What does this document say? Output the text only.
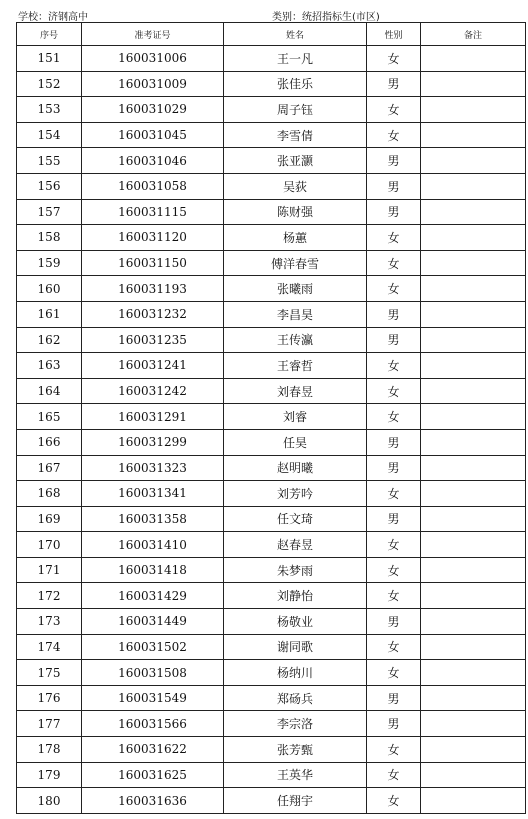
学校：济钢高中	类别：统招指标生(市区)
序号	准考证号	姓名	性别	备注
151	160031006	王一凡	女	
152	160031009	张佳乐	男	
153	160031029	周子钰	女	
154	160031045	李雪倩	女	
155	160031046	张亚灏	男	
156	160031058	吴荻	男	
157	160031115	陈财强	男	
158	160031120	杨蕙	女	
159	160031150	傅洋春雪	女	
160	160031193	张曦雨	女	
161	160031232	李昌昊	男	
162	160031235	王传瀛	男	
163	160031241	王睿哲	女	
164	160031242	刘春昱	女	
165	160031291	刘睿	女	
166	160031299	任昊	男	
167	160031323	赵明曦	男	
168	160031341	刘芳吟	女	
169	160031358	任文琦	男	
170	160031410	赵春昱	女	
171	160031418	朱梦雨	女	
172	160031429	刘静怡	女	
173	160031449	杨敬业	男	
174	160031502	谢同歌	女	
175	160031508	杨纳川	女	
176	160031549	郑砀兵	男	
177	160031566	李宗洛	男	
178	160031622	张芳甄	女	
179	160031625	王英华	女	
180	160031636	任翔宇	女	
